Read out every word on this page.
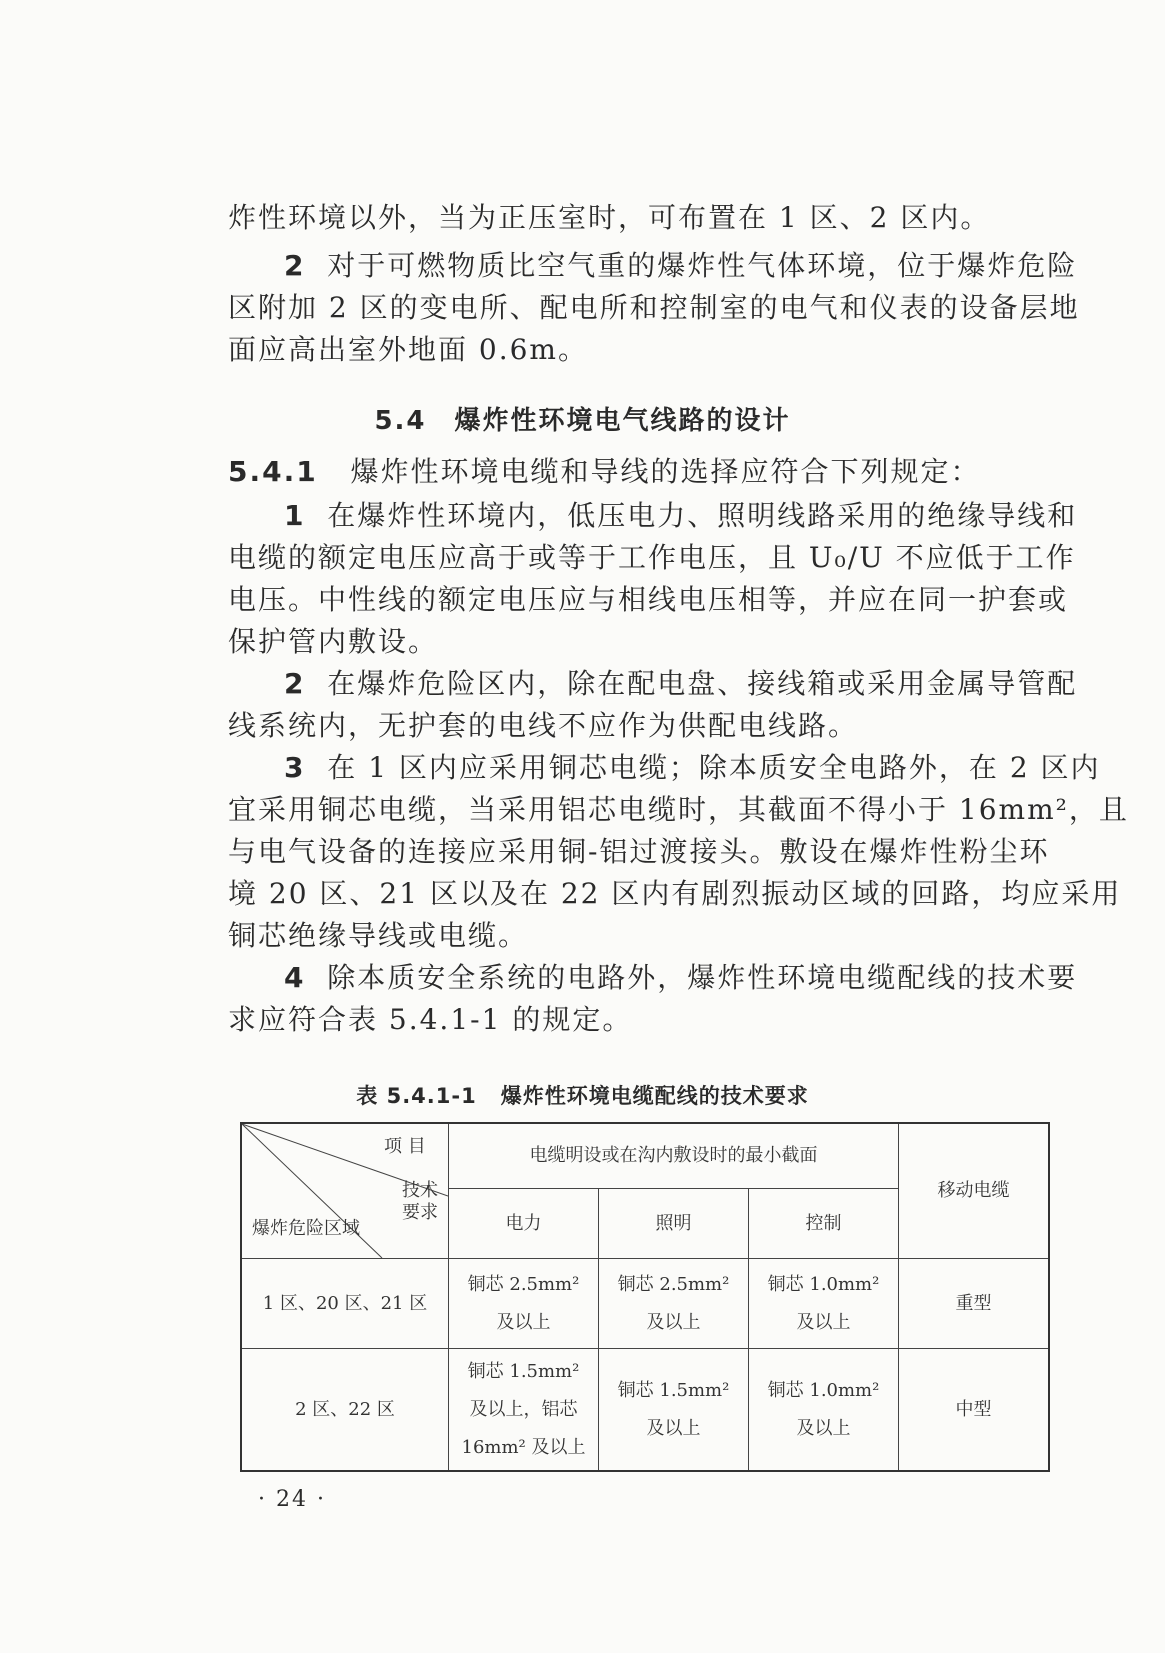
炸性环境以外，当为正压室时，可布置在 1 区、2 区内。
2 对于可燃物质比空气重的爆炸性气体环境，位于爆炸危险
区附加 2 区的变电所、配电所和控制室的电气和仪表的设备层地
面应高出室外地面 0.6m。
5.4 爆炸性环境电气线路的设计
5.4.1 爆炸性环境电缆和导线的选择应符合下列规定：
1 在爆炸性环境内，低压电力、照明线路采用的绝缘导线和
电缆的额定电压应高于或等于工作电压，且 U₀/U 不应低于工作
电压。中性线的额定电压应与相线电压相等，并应在同一护套或
保护管内敷设。
2 在爆炸危险区内，除在配电盘、接线箱或采用金属导管配
线系统内，无护套的电线不应作为供配电线路。
3 在 1 区内应采用铜芯电缆；除本质安全电路外，在 2 区内
宜采用铜芯电缆，当采用铝芯电缆时，其截面不得小于 16mm²，且
与电气设备的连接应采用铜-铝过渡接头。敷设在爆炸性粉尘环
境 20 区、21 区以及在 22 区内有剧烈振动区域的回路，均应采用
铜芯绝缘导线或电缆。
4 除本质安全系统的电路外，爆炸性环境电缆配线的技术要
求应符合表 5.4.1-1 的规定。
表 5.4.1-1 爆炸性环境电缆配线的技术要求
项 目
技术
要求
爆炸危险区域
电缆明设或在沟内敷设时的最小截面
电力	照明	控制
移动电缆
1 区、20 区、21 区
铜芯 2.5mm²
及以上
铜芯 2.5mm²
及以上
铜芯 1.0mm²
及以上
重型
2 区、22 区
铜芯 1.5mm²
及以上，铝芯
16mm² 及以上
铜芯 1.5mm²
及以上
铜芯 1.0mm²
及以上
中型
· 24 ·
